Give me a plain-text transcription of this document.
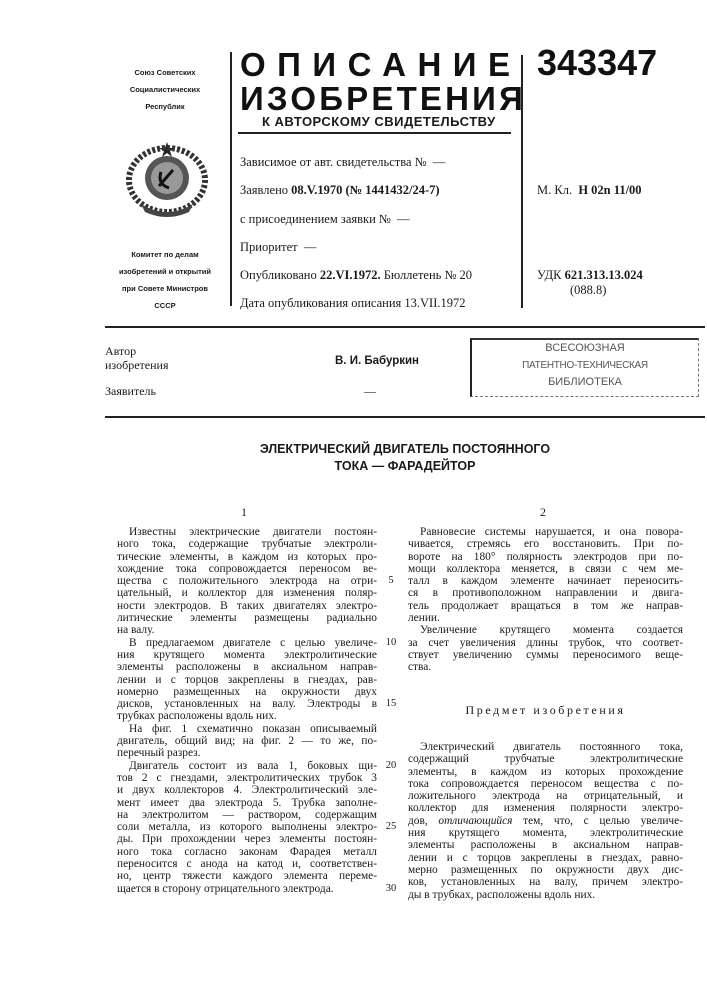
Союз Советских
Социалистических
Республик
Комитет по делам
изобретений и открытий
при Совете Министров
СССР
ОПИСАНИЕ
ИЗОБРЕТЕНИЯ
К АВТОРСКОМУ СВИДЕТЕЛЬСТВУ
343347
Зависимое от авт. свидетельства № —
Заявлено 08.V.1970 (№ 1441432/24-7)
с присоединением заявки № —
Приоритет —
Опубликовано 22.VI.1972. Бюллетень № 20
Дата опубликования описания 13.VII.1972
М. Кл. Н 02n 11/00
УДК 621.313.13.024
(088.8)
Автор
изобретения
Заявитель
В. И. Бабуркин
—
ВСЕСОЮЗНАЯ
ПАТЕНТНО-ТЕХНИЧЕСКАЯ
БИБЛИОТЕКА
ЭЛЕКТРИЧЕСКИЙ ДВИГАТЕЛЬ ПОСТОЯННОГО
ТОКА — ФАРАДЕЙТОР
1	2
Известны электрические двигатели постоян-
ного тока, содержащие трубчатые электроли-
тические элементы, в каждом из которых про-
хождение тока сопровождается переносом ве-
щества с положительного электрода на отри-
цательный, и коллектор для изменения поляр-
ности электродов. В таких двигателях электро-
литические элементы размещены радиально
на валу.
В предлагаемом двигателе с целью увеличе-
ния крутящего момента электролитические
элементы расположены в аксиальном направ-
лении и с торцов закреплены в гнездах, рав-
номерно размещенных на окружности двух
дисков, установленных на валу. Электроды в
трубках расположены вдоль них.
На фиг. 1 схематично показан описываемый
двигатель, общий вид; на фиг. 2 — то же, по-
перечный разрез.
Двигатель состоит из вала 1, боковых щи-
тов 2 с гнездами, электролитических трубок 3
и двух коллекторов 4. Электролитический эле-
мент имеет два электрода 5. Трубка заполне-
на электролитом — раствором, содержащим
соли металла, из которого выполнены электро-
ды. При прохождении через элементы постоян-
ного тока согласно законам Фарадея металл
переносится с анода на катод и, соответствен-
но, центр тяжести каждого элемента переме-
щается в сторону отрицательного электрода.
Равновесие системы нарушается, и она повора-
чивается, стремясь его восстановить. При по-
вороте на 180° полярность электродов при по-
мощи коллектора меняется, в связи с чем ме-
талл в каждом элементе начинает переносить-
ся в противоположном направлении и двига-
тель продолжает вращаться в том же направ-
лении.
Увеличение крутящего момента создается
за счет увеличения длины трубок, что соответ-
ствует увеличению суммы переносимого веще-
ства.
Предмет изобретения
Электрический двигатель постоянного тока,
содержащий трубчатые электролитические
элементы, в каждом из которых прохождение
тока сопровождается переносом вещества с по-
ложительного электрода на отрицательный, и
коллектор для изменения полярности электро-
дов, отличающийся тем, что, с целью увеличе-
ния крутящего момента, электролитические
элементы расположены в аксиальном направ-
лении и с торцов закреплены в гнездах, равно-
мерно размещенных по окружности двух дис-
ков, установленных на валу, причем электро-
ды в трубках, расположены вдоль них.
5
10
15
20
25
30
